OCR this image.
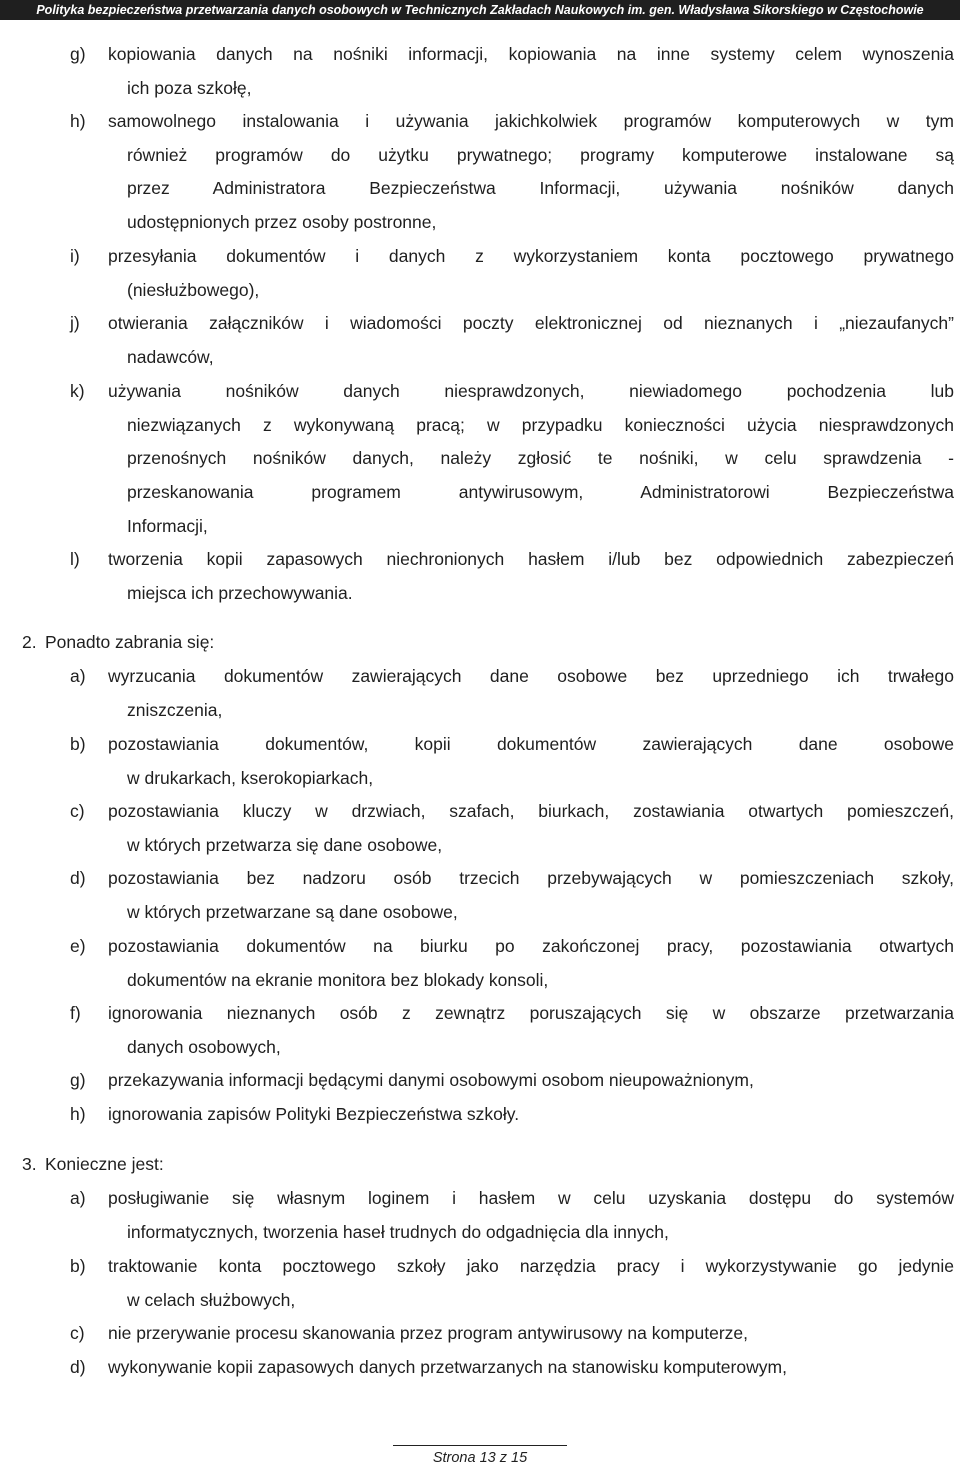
Polityka bezpieczeństwa przetwarzania danych osobowych w Technicznych Zakładach Naukowych im. gen. Władysława Sikorskiego w Częstochowie
2. Ponadto zabrania się:
3. Konieczne jest:
g) kopiowania danych na nośniki informacji, kopiowania na inne systemy celem wynoszenia
ich poza szkołę,
h) samowolnego instalowania i używania jakichkolwiek programów komputerowych w tym
również programów do użytku prywatnego; programy komputerowe instalowane są
przez Administratora Bezpieczeństwa Informacji, używania nośników danych
udostępnionych przez osoby postronne,
i) przesyłania dokumentów i danych z wykorzystaniem konta pocztowego prywatnego
(niesłużbowego),
j) otwierania załączników i wiadomości poczty elektronicznej od nieznanych i „niezaufanych”
nadawców,
k) używania nośników danych niesprawdzonych, niewiadomego pochodzenia lub
niezwiązanych z wykonywaną pracą; w przypadku konieczności użycia niesprawdzonych
przenośnych nośników danych, należy zgłosić te nośniki, w celu sprawdzenia -
przeskanowania programem antywirusowym, Administratorowi Bezpieczeństwa
Informacji,
l) tworzenia kopii zapasowych niechronionych hasłem i/lub bez odpowiednich zabezpieczeń
miejsca ich przechowywania.
a) wyrzucania dokumentów zawierających dane osobowe bez uprzedniego ich trwałego
zniszczenia,
b) pozostawiania dokumentów, kopii dokumentów zawierających dane osobowe
w drukarkach, kserokopiarkach,
c) pozostawiania kluczy w drzwiach, szafach, biurkach, zostawiania otwartych pomieszczeń,
w których przetwarza się dane osobowe,
d) pozostawiania bez nadzoru osób trzecich przebywających w pomieszczeniach szkoły,
w których przetwarzane są dane osobowe,
e) pozostawiania dokumentów na biurku po zakończonej pracy, pozostawiania otwartych
dokumentów na ekranie monitora bez blokady konsoli,
f) ignorowania nieznanych osób z zewnątrz poruszających się w obszarze przetwarzania
danych osobowych,
g) przekazywania informacji będącymi danymi osobowymi osobom nieupoważnionym,
h) ignorowania zapisów Polityki Bezpieczeństwa szkoły.
a) posługiwanie się własnym loginem i hasłem w celu uzyskania dostępu do systemów
informatycznych, tworzenia haseł trudnych do odgadnięcia dla innych,
b) traktowanie konta pocztowego szkoły jako narzędzia pracy i wykorzystywanie go jedynie
w celach służbowych,
c) nie przerywanie procesu skanowania przez program antywirusowy na komputerze,
d) wykonywanie kopii zapasowych danych przetwarzanych na stanowisku komputerowym,
Strona 13 z 15
